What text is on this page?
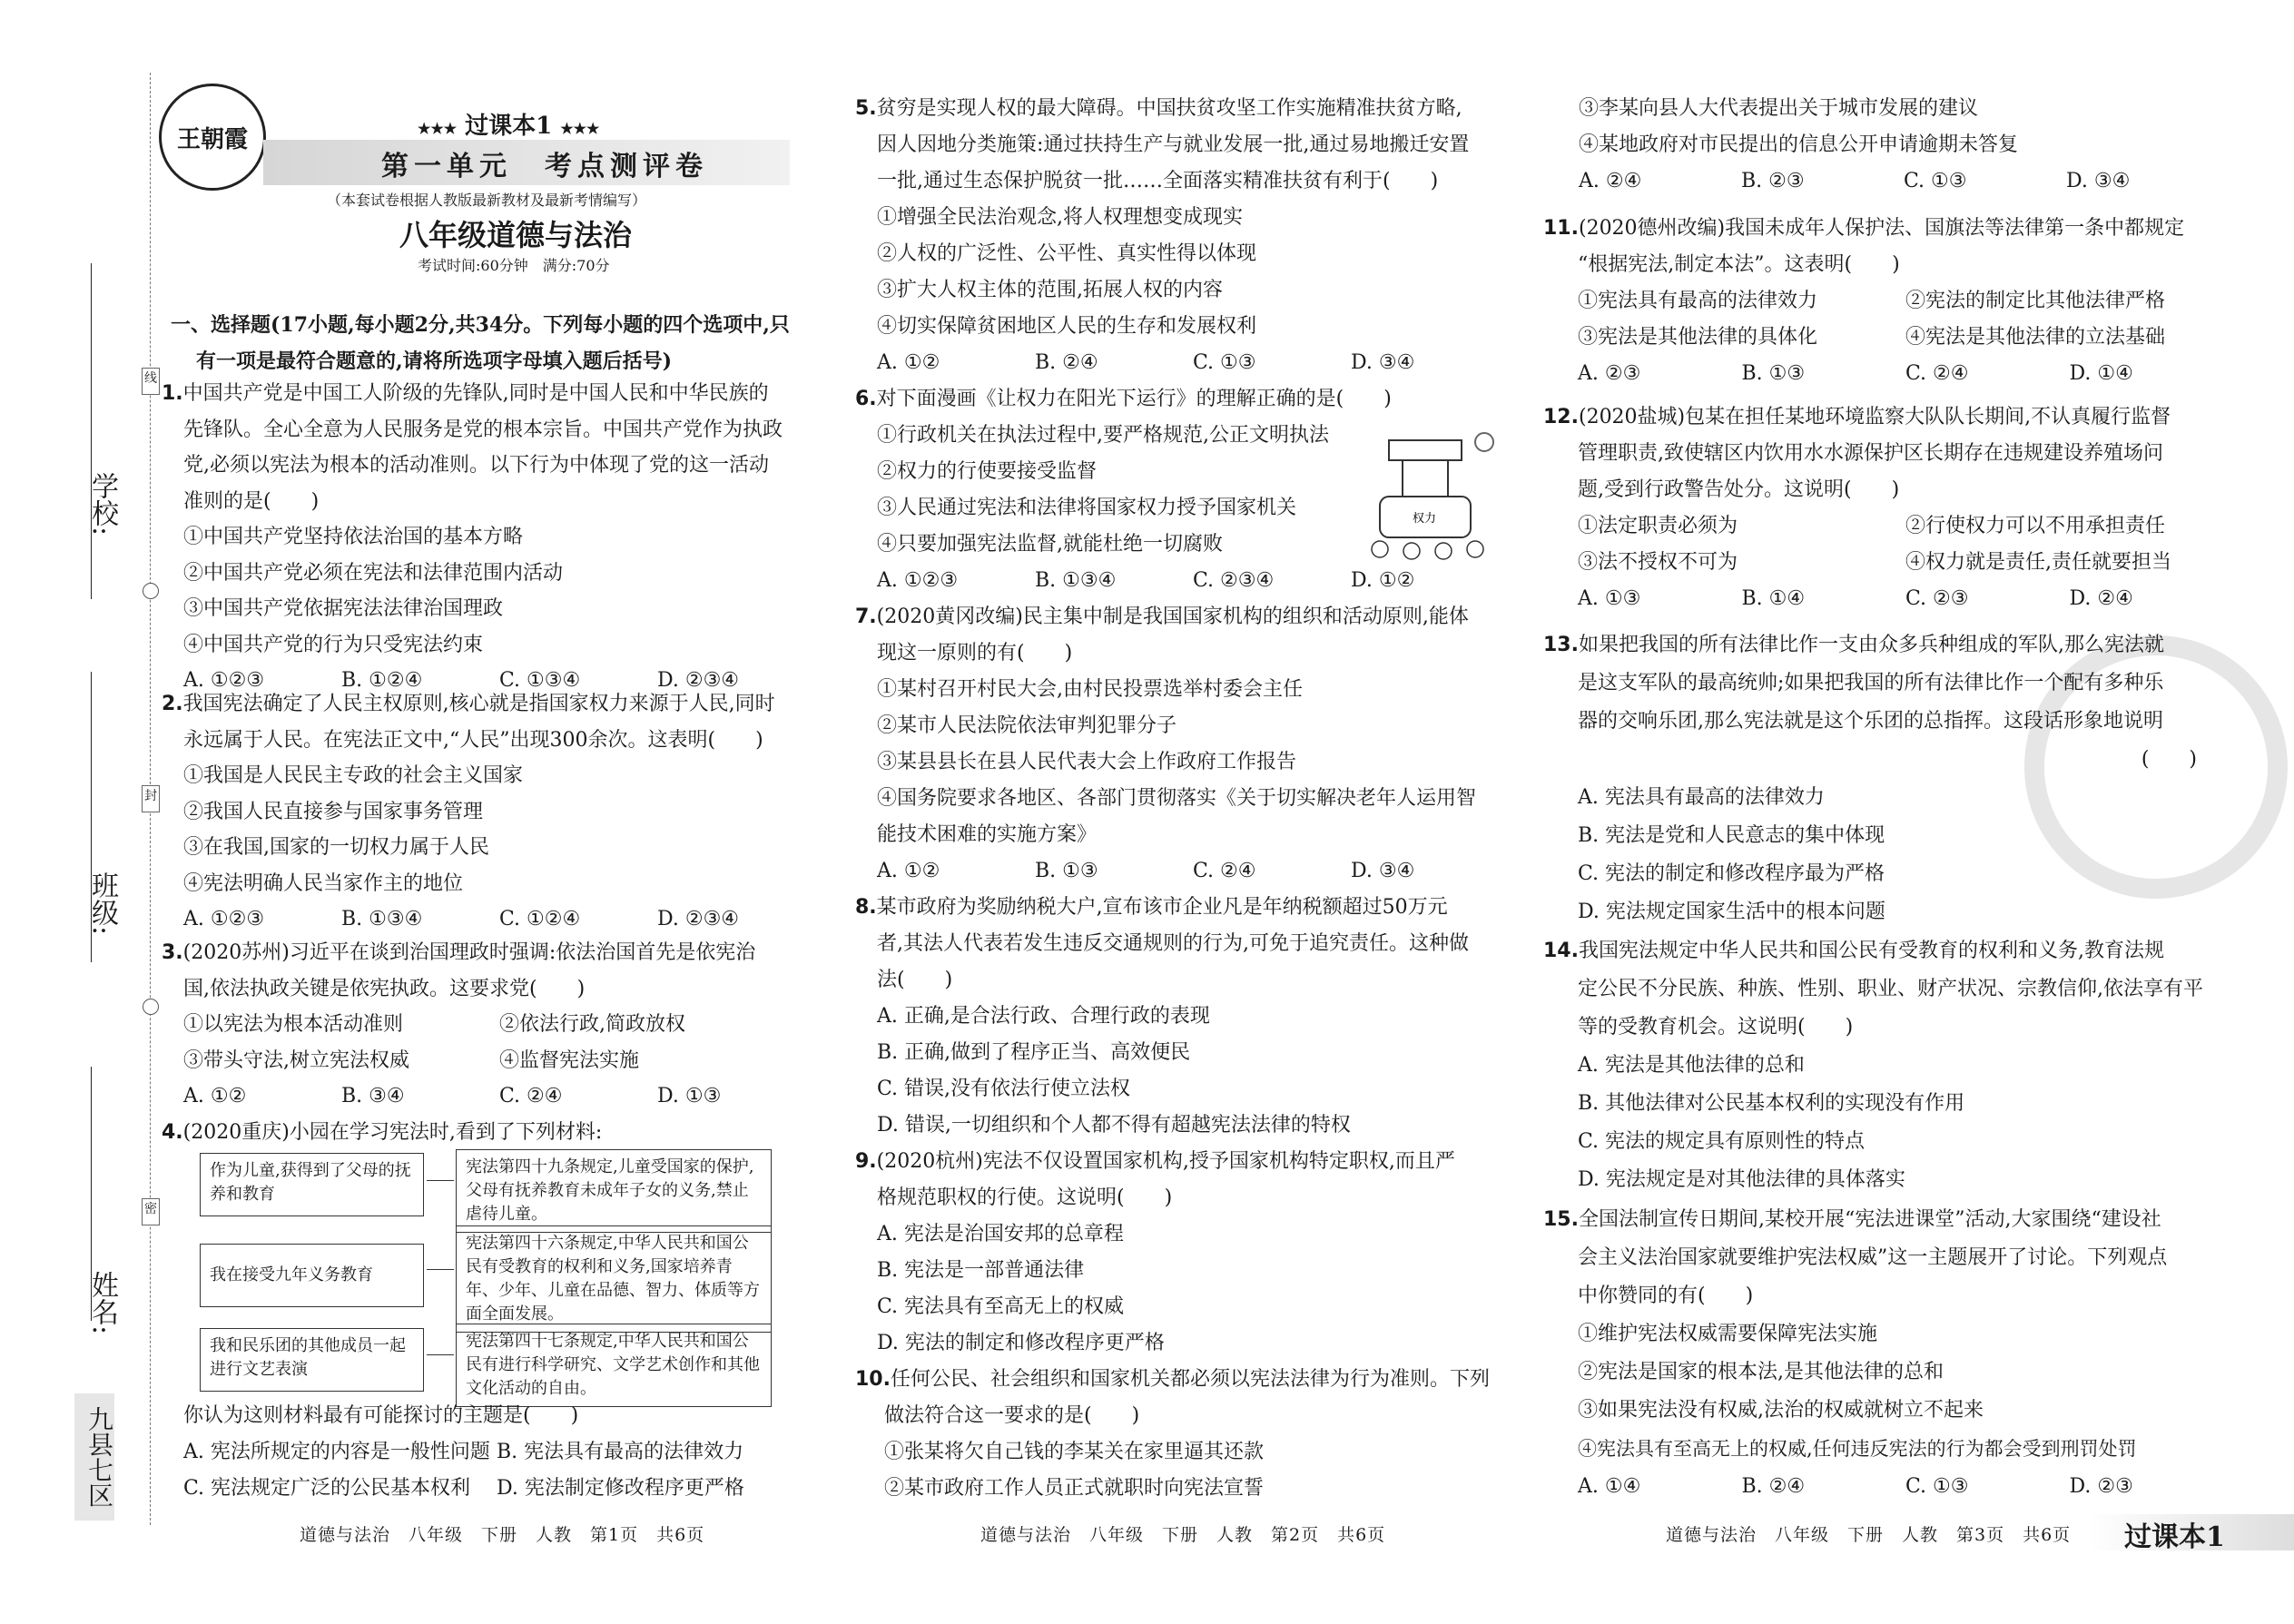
学校:
班级:
姓名:
九县七区
线
封
密
王朝霞	★★★ 过课本1 ★★★
第一单元　考点测评卷
（本套试卷根据人教版最新教材及最新考情编写）
八年级道德与法治
考试时间:60分钟　满分:70分
一、选择题(17小题,每小题2分,共34分。下列每小题的四个选项中,只
有一项是最符合题意的,请将所选项字母填入题后括号)
1.中国共产党是中国工人阶级的先锋队,同时是中国人民和中华民族的
先锋队。全心全意为人民服务是党的根本宗旨。中国共产党作为执政
党,必须以宪法为根本的活动准则。以下行为中体现了党的这一活动
准则的是(　　)
①中国共产党坚持依法治国的基本方略
②中国共产党必须在宪法和法律范围内活动
③中国共产党依据宪法法律治国理政
④中国共产党的行为只受宪法约束
A. ①②③	B. ①②④	C. ①③④	D. ②③④
2.我国宪法确定了人民主权原则,核心就是指国家权力来源于人民,同时
永远属于人民。在宪法正文中,“人民”出现300余次。这表明(　　)
①我国是人民民主专政的社会主义国家
②我国人民直接参与国家事务管理
③在我国,国家的一切权力属于人民
④宪法明确人民当家作主的地位
A. ①②③	B. ①③④	C. ①②④	D. ②③④
3.(2020苏州)习近平在谈到治国理政时强调:依法治国首先是依宪治
国,依法执政关键是依宪执政。这要求党(　　)
①以宪法为根本活动准则	②依法行政,简政放权
③带头守法,树立宪法权威	④监督宪法实施
A. ①②	B. ③④	C. ②④	D. ①③
4.(2020重庆)小园在学习宪法时,看到了下列材料:
作为儿童,获得到了父母的抚养和教育
宪法第四十九条规定,儿童受国家的保护,父母有抚养教育未成年子女的义务,禁止虐待儿童。
我在接受九年义务教育
宪法第四十六条规定,中华人民共和国公民有受教育的权利和义务,国家培养青年、少年、儿童在品德、智力、体质等方面全面发展。
我和民乐团的其他成员一起进行文艺表演
宪法第四十七条规定,中华人民共和国公民有进行科学研究、文学艺术创作和其他文化活动的自由。
你认为这则材料最有可能探讨的主题是(　　)
A. 宪法所规定的内容是一般性问题 B. 宪法具有最高的法律效力
C. 宪法规定广泛的公民基本权利	D. 宪法制定修改程序更严格
道德与法治　八年级　下册　人教　第1页　共6页
5.贫穷是实现人权的最大障碍。中国扶贫攻坚工作实施精准扶贫方略,
因人因地分类施策:通过扶持生产与就业发展一批,通过易地搬迁安置
一批,通过生态保护脱贫一批……全面落实精准扶贫有利于(　　)
①增强全民法治观念,将人权理想变成现实
②人权的广泛性、公平性、真实性得以体现
③扩大人权主体的范围,拓展人权的内容
④切实保障贫困地区人民的生存和发展权利
A. ①②	B. ②④	C. ①③	D. ③④
6.对下面漫画《让权力在阳光下运行》的理解正确的是(　　)
①行政机关在执法过程中,要严格规范,公正文明执法
②权力的行使要接受监督
③人民通过宪法和法律将国家权力授予国家机关
④只要加强宪法监督,就能杜绝一切腐败
A. ①②③	B. ①③④	C. ②③④	D. ①②
权力
7.(2020黄冈改编)民主集中制是我国国家机构的组织和活动原则,能体
现这一原则的有(　　)
①某村召开村民大会,由村民投票选举村委会主任
②某市人民法院依法审判犯罪分子
③某县县长在县人民代表大会上作政府工作报告
④国务院要求各地区、各部门贯彻落实《关于切实解决老年人运用智
能技术困难的实施方案》
A. ①②	B. ①③	C. ②④	D. ③④
8.某市政府为奖励纳税大户,宣布该市企业凡是年纳税额超过50万元
者,其法人代表若发生违反交通规则的行为,可免于追究责任。这种做
法(　　)
A. 正确,是合法行政、合理行政的表现
B. 正确,做到了程序正当、高效便民
C. 错误,没有依法行使立法权
D. 错误,一切组织和个人都不得有超越宪法法律的特权
9.(2020杭州)宪法不仅设置国家机构,授予国家机构特定职权,而且严
格规范职权的行使。这说明(　　)
A. 宪法是治国安邦的总章程
B. 宪法是一部普通法律
C. 宪法具有至高无上的权威
D. 宪法的制定和修改程序更严格
10.任何公民、社会组织和国家机关都必须以宪法法律为行为准则。下列
做法符合这一要求的是(　　)
①张某将欠自己钱的李某关在家里逼其还款
②某市政府工作人员正式就职时向宪法宣誓
道德与法治　八年级　下册　人教　第2页　共6页
③李某向县人大代表提出关于城市发展的建议
④某地政府对市民提出的信息公开申请逾期未答复
A. ②④	B. ②③	C. ①③	D. ③④
11.(2020德州改编)我国未成年人保护法、国旗法等法律第一条中都规定
“根据宪法,制定本法”。这表明(　　)
①宪法具有最高的法律效力	②宪法的制定比其他法律严格
③宪法是其他法律的具体化	④宪法是其他法律的立法基础
A. ②③	B. ①③	C. ②④	D. ①④
12.(2020盐城)包某在担任某地环境监察大队队长期间,不认真履行监督
管理职责,致使辖区内饮用水水源保护区长期存在违规建设养殖场问
题,受到行政警告处分。这说明(　　)
①法定职责必须为	②行使权力可以不用承担责任
③法不授权不可为	④权力就是责任,责任就要担当
A. ①③	B. ①④	C. ②③	D. ②④
13.如果把我国的所有法律比作一支由众多兵种组成的军队,那么宪法就
是这支军队的最高统帅;如果把我国的所有法律比作一个配有多种乐
器的交响乐团,那么宪法就是这个乐团的总指挥。这段话形象地说明
(　　)
A. 宪法具有最高的法律效力
B. 宪法是党和人民意志的集中体现
C. 宪法的制定和修改程序最为严格
D. 宪法规定国家生活中的根本问题
14.我国宪法规定中华人民共和国公民有受教育的权利和义务,教育法规
定公民不分民族、种族、性别、职业、财产状况、宗教信仰,依法享有平
等的受教育机会。这说明(　　)
A. 宪法是其他法律的总和
B. 其他法律对公民基本权利的实现没有作用
C. 宪法的规定具有原则性的特点
D. 宪法规定是对其他法律的具体落实
15.全国法制宣传日期间,某校开展“宪法进课堂”活动,大家围绕“建设社
会主义法治国家就要维护宪法权威”这一主题展开了讨论。下列观点
中你赞同的有(　　)
①维护宪法权威需要保障宪法实施
②宪法是国家的根本法,是其他法律的总和
③如果宪法没有权威,法治的权威就树立不起来
④宪法具有至高无上的权威,任何违反宪法的行为都会受到刑罚处罚
A. ①④	B. ②④	C. ①③	D. ②③
道德与法治　八年级　下册　人教　第3页　共6页 过课本1
